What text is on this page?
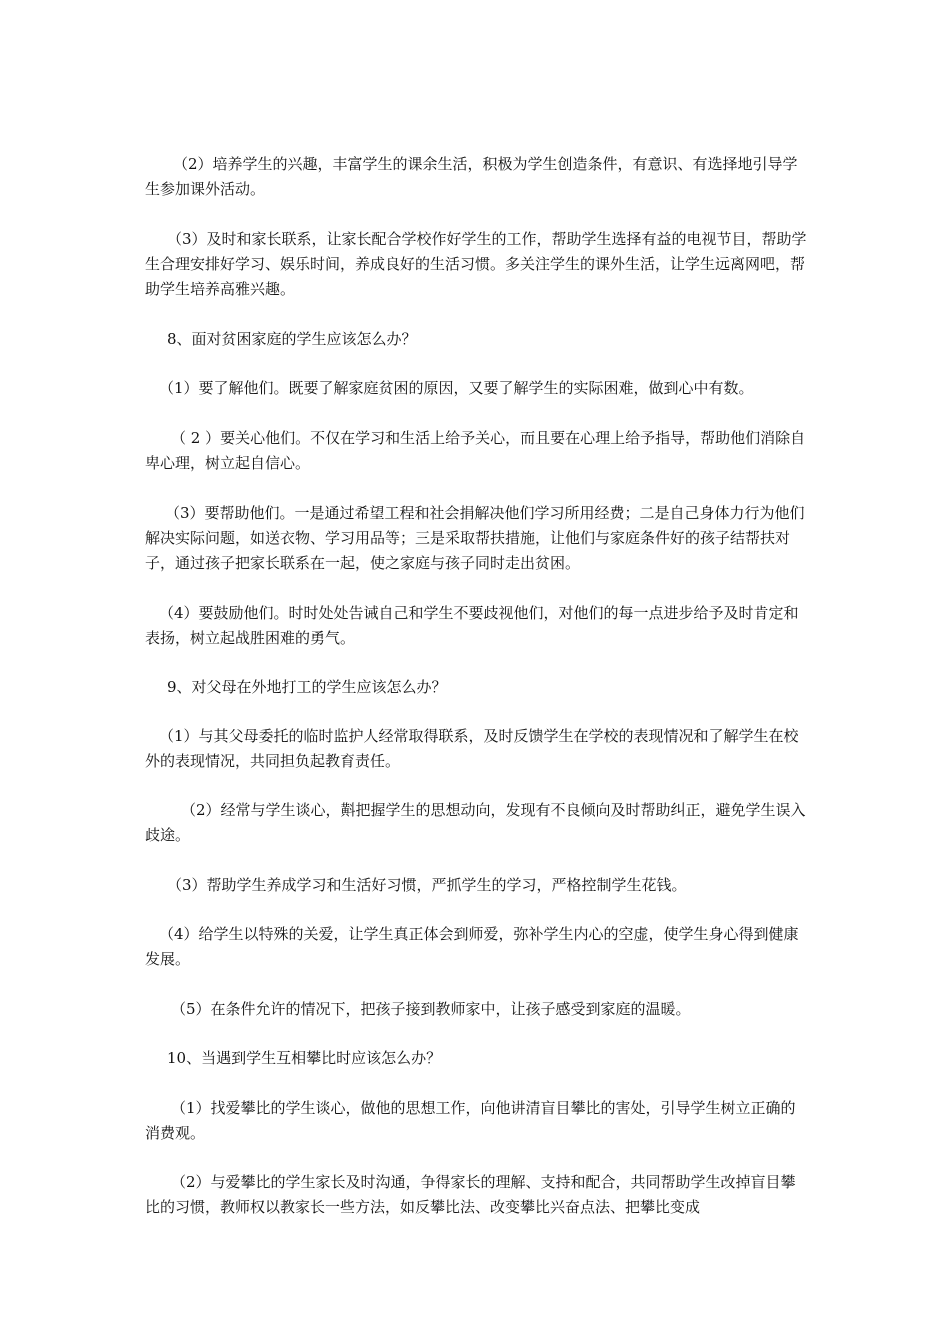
（2）培养学生的兴趣，丰富学生的课余生活，积极为学生创造条件，有意识、有选择地引导学生参加课外活动。

（3）及时和家长联系，让家长配合学校作好学生的工作，帮助学生选择有益的电视节目，帮助学生合理安排好学习、娱乐时间，养成良好的生活习惯。多关注学生的课外生活，让学生远离网吧，帮助学生培养高雅兴趣。

8、面对贫困家庭的学生应该怎么办？

（1）要了解他们。既要了解家庭贫困的原因，又要了解学生的实际困难，做到心中有数。

（ 2 ）要关心他们。不仅在学习和生活上给予关心，而且要在心理上给予指导，帮助他们消除自卑心理，树立起自信心。

（3）要帮助他们。一是通过希望工程和社会捐解决他们学习所用经费；二是自己身体力行为他们解决实际问题，如送衣物、学习用品等；三是采取帮扶措施，让他们与家庭条件好的孩子结帮扶对子，通过孩子把家长联系在一起，使之家庭与孩子同时走出贫困。

（4）要鼓励他们。时时处处告诫自己和学生不要歧视他们，对他们的每一点进步给予及时肯定和表扬，树立起战胜困难的勇气。

9、对父母在外地打工的学生应该怎么办？

（1）与其父母委托的临时监护人经常取得联系，及时反馈学生在学校的表现情况和了解学生在校外的表现情况，共同担负起教育责任。

（2）经常与学生谈心，斢把握学生的思想动向，发现有不良倾向及时帮助纠正，避免学生误入歧途。

（3）帮助学生养成学习和生活好习惯，严抓学生的学习，严格控制学生花钱。

（4）给学生以特殊的关爱，让学生真正体会到师爱，弥补学生内心的空虚，使学生身心得到健康发展。

（5）在条件允许的情况下，把孩子接到教师家中，让孩子感受到家庭的温暖。

10、当遇到学生互相攀比时应该怎么办？

（1）找爱攀比的学生谈心，做他的思想工作，向他讲清盲目攀比的害处，引导学生树立正确的消费观。

（2）与爱攀比的学生家长及时沟通，争得家长的理解、支持和配合，共同帮助学生改掉盲目攀比的习惯，教师权以教家长一些方法，如反攀比法、改变攀比兴奋点法、把攀比变成
